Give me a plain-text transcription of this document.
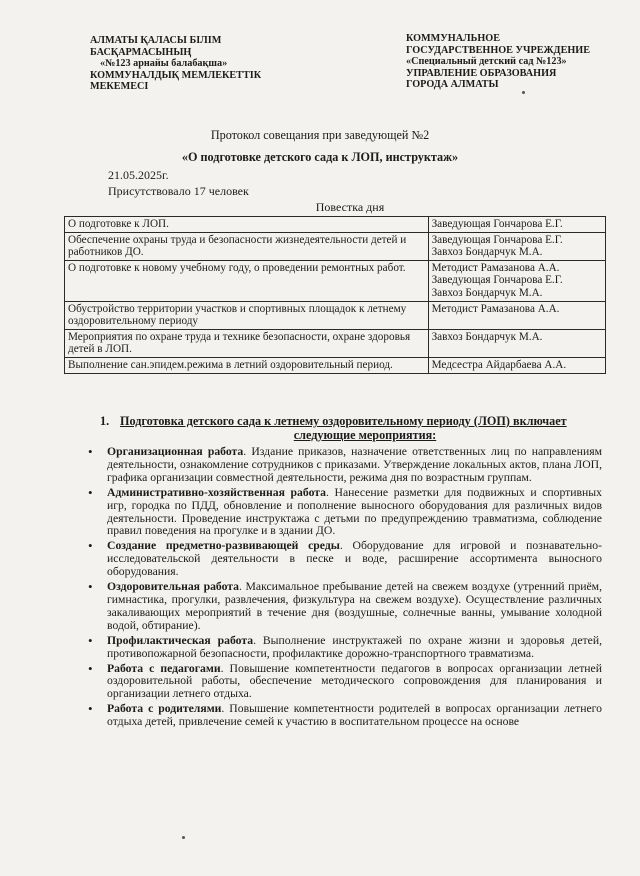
АЛМАТЫ ҚАЛАСЫ БІЛІМ
БАСҚАРМАСЫНЫҢ
«№123 арнайы балабақша»
КОММУНАЛДЫҚ МЕМЛЕКЕТТІК
МЕКЕМЕСІ
КОММУНАЛЬНОЕ
ГОСУДАРСТВЕННОЕ УЧРЕЖДЕНИЕ
«Специальный детский сад №123»
УПРАВЛЕНИЕ ОБРАЗОВАНИЯ
ГОРОДА АЛМАТЫ
Протокол совещания при заведующей №2
«О подготовке детского сада к ЛОП, инструктаж»
21.05.2025г.
Присутствовало 17 человек
Повестка дня
О подготовке к ЛОП.	Заведующая Гончарова Е.Г.

Обеспечение охраны труда и безопасности жизнедеятельности детей и работников ДО.	Заведующая Гончарова Е.Г.
Завхоз Бондарчук М.А.

О подготовке к новому учебному году, о проведении ремонтных работ.	Методист Рамазанова А.А.
Заведующая Гончарова Е.Г.
Завхоз Бондарчук М.А.

Обустройство территории участков и спортивных площадок к летнему оздоровительному периоду	Методист Рамазанова А.А.

Мероприятия по охране труда и технике безопасности, охране здоровья детей в ЛОП.	Завхоз Бондарчук М.А.

Выполнение сан.эпидем.режима в летний оздоровительный период.	Медсестра Айдарбаева А.А.
1. Подготовка детского сада к летнему оздоровительному периоду (ЛОП) включает
следующие мероприятия:
• Организационная работа. Издание приказов, назначение ответственных лиц по направлениям деятельности, ознакомление сотрудников с приказами. Утверждение локальных актов, плана ЛОП, графика организации совместной деятельности, режима дня по возрастным группам.
• Административно-хозяйственная работа. Нанесение разметки для подвижных и спортивных игр, городка по ПДД, обновление и пополнение выносного оборудования для различных видов деятельности. Проведение инструктажа с детьми по предупреждению травматизма, соблюдение правил поведения на прогулке и в здании ДО.
• Создание предметно-развивающей среды. Оборудование для игровой и познавательно-исследовательской деятельности в песке и воде, расширение ассортимента выносного оборудования.
• Оздоровительная работа. Максимальное пребывание детей на свежем воздухе (утренний приём, гимнастика, прогулки, развлечения, физкультура на свежем воздухе). Осуществление различных закаливающих мероприятий в течение дня (воздушные, солнечные ванны, умывание холодной водой, обтирание).
• Профилактическая работа. Выполнение инструктажей по охране жизни и здоровья детей, противопожарной безопасности, профилактике дорожно-транспортного травматизма.
• Работа с педагогами. Повышение компетентности педагогов в вопросах организации летней оздоровительной работы, обеспечение методического сопровождения для планирования и организации летнего отдыха.
• Работа с родителями. Повышение компетентности родителей в вопросах организации летнего отдыха детей, привлечение семей к участию в воспитательном процессе на основе
